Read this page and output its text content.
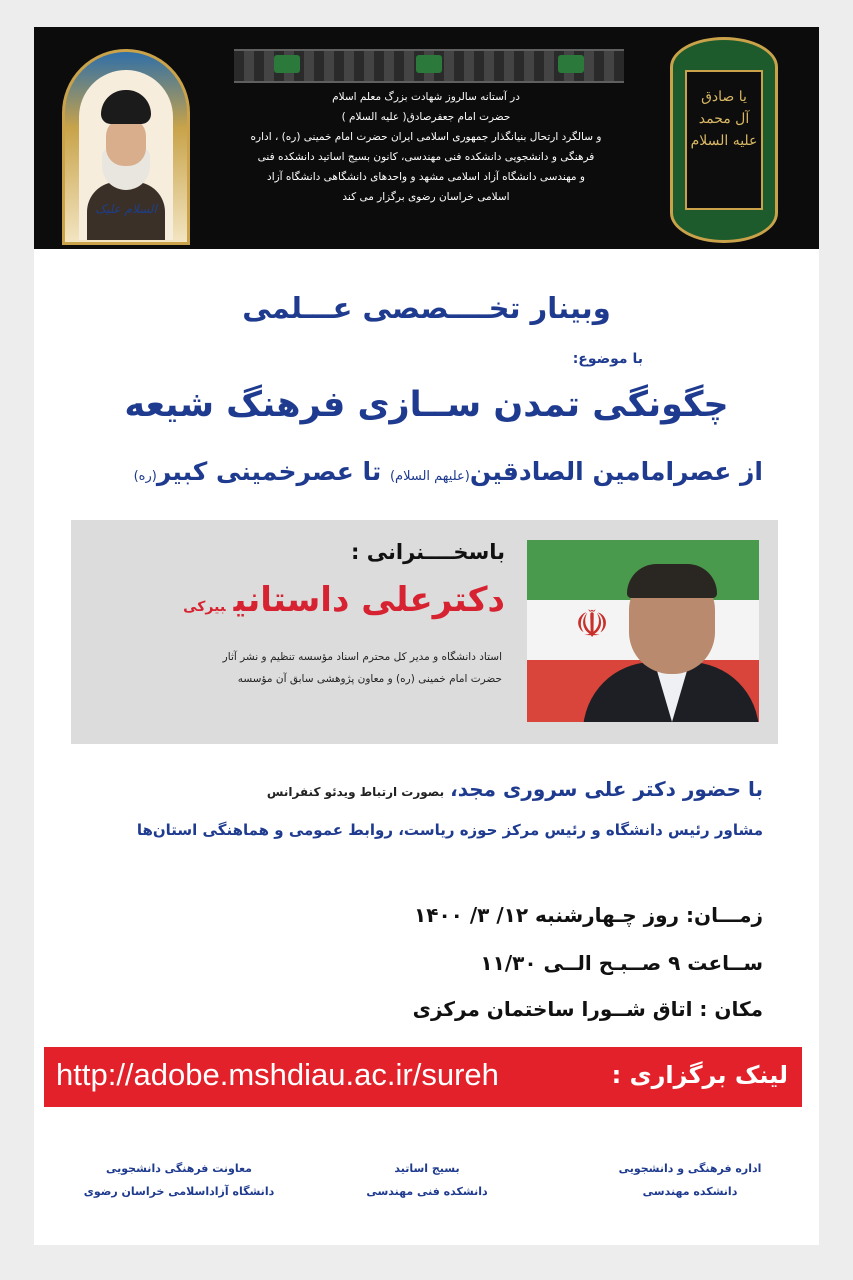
السلام علیک
در آستانه سالروز شهادت بزرگ معلم اسلام
حضرت امام جعفرصادق( علیه السلام )
و سالگرد ارتحال بنیانگذار جمهوری اسلامی ایران حضرت امام خمینی (ره) ، اداره
فرهنگی و دانشجویی دانشکده فنی مهندسی، کانون بسیج اساتید دانشکده فنی
و مهندسی دانشگاه آزاد اسلامی مشهد و واحدهای دانشگاهی دانشگاه آزاد
اسلامی خراسان رضوی برگزار می کند
یا صادق
آل محمد
علیه السلام
وبینار تخــــصصی عـــلمی
با موضوع:
چگونگی تمدن ســازی فرهنگ شیعه
از عصرامامین الصادقین(علیهم السلام) تا عصرخمینی کبیر(ره)
☫
باسخــــنرانی :
دکترعلی داستانیبیرکی
استاد دانشگاه و مدیر کل محترم اسناد مؤسسه تنظیم و نشر آثار
حضرت امام خمینی (ره) و معاون پژوهشی سابق آن مؤسسه
با حضور دکتر علی سروری مجد،بصورت ارتباط ویدئو کنفرانس
مشاور رئیس دانشگاه و رئیس مرکز حوزه ریاست، روابط عمومی و هماهنگی استان‌ها
زمـــان: روز چـهارشنبه ۱۲/ ۳/ ۱۴۰۰
ســاعت ۹ صــبـح الــی ۱۱/۳۰
مکان : اتاق شــورا ساختمان مرکزی
http://adobe.mshdiau.ac.ir/sureh	لینک برگزاری :
اداره فرهنگی و دانشجویی
دانشکده مهندسی
بسیج اساتید
دانشکده فنی مهندسی
معاونت فرهنگی دانشجویی
دانشگاه آزاداسلامی خراسان رضوی
